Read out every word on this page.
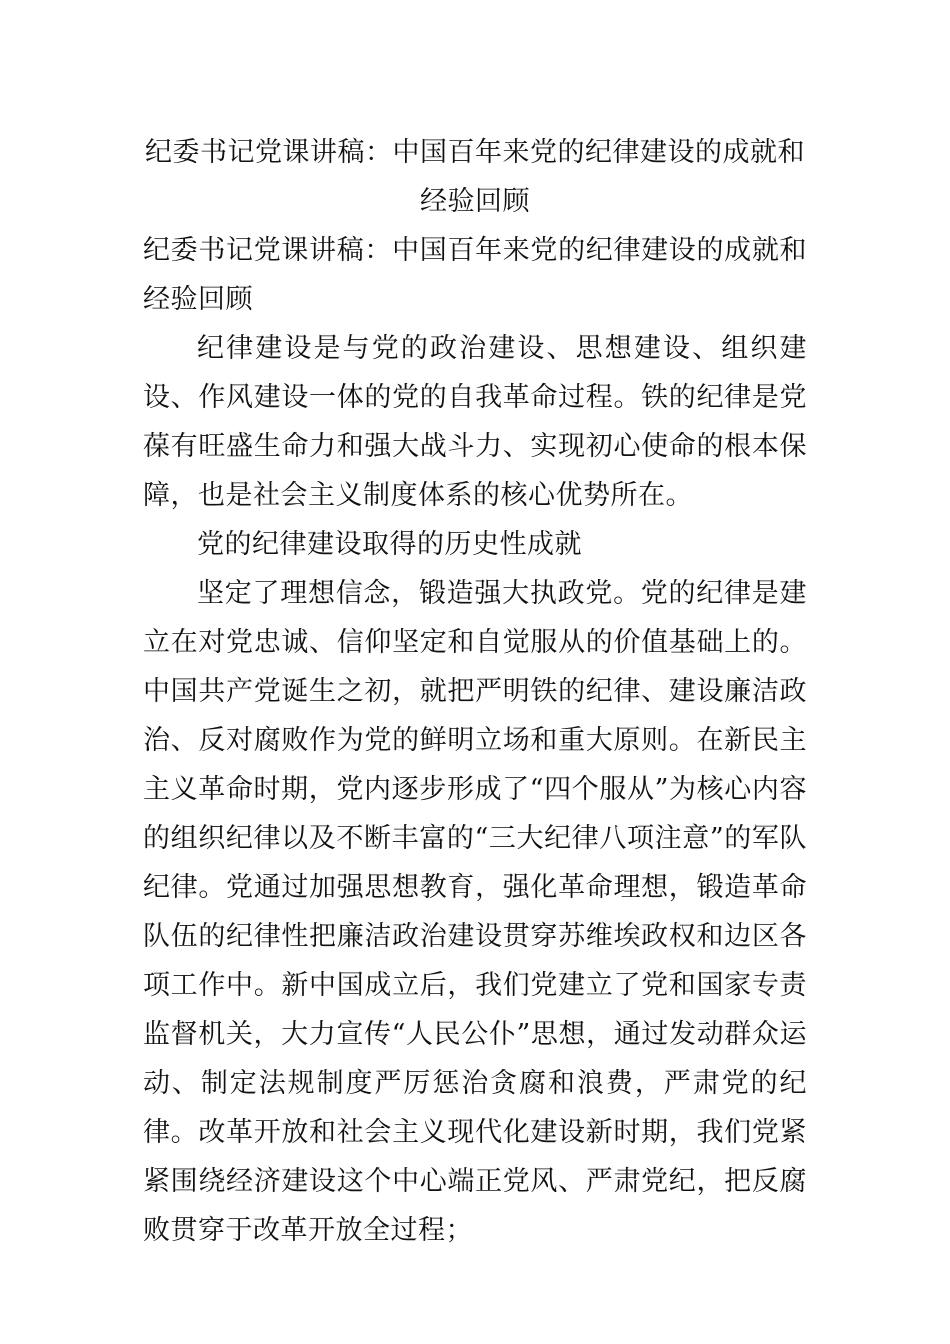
纪委书记党课讲稿：中国百年来党的纪律建设的成就和经验回顾

纪委书记党课讲稿：中国百年来党的纪律建设的成就和经验回顾

纪律建设是与党的政治建设、思想建设、组织建设、作风建设一体的党的自我革命过程。铁的纪律是党葆有旺盛生命力和强大战斗力、实现初心使命的根本保障，也是社会主义制度体系的核心优势所在。

党的纪律建设取得的历史性成就

坚定了理想信念，锻造强大执政党。党的纪律是建立在对党忠诚、信仰坚定和自觉服从的价值基础上的。中国共产党诞生之初，就把严明铁的纪律、建设廉洁政治、反对腐败作为党的鲜明立场和重大原则。在新民主主义革命时期，党内逐步形成了“四个服从”为核心内容的组织纪律以及不断丰富的“三大纪律八项注意”的军队纪律。党通过加强思想教育，强化革命理想，锻造革命队伍的纪律性把廉洁政治建设贯穿苏维埃政权和边区各项工作中。新中国成立后，我们党建立了党和国家专责监督机关，大力宣传“人民公仆”思想，通过发动群众运动、制定法规制度严厉惩治贪腐和浪费，严肃党的纪律。改革开放和社会主义现代化建设新时期，我们党紧紧围绕经济建设这个中心端正党风、严肃党纪，把反腐败贯穿于改革开放全过程；
